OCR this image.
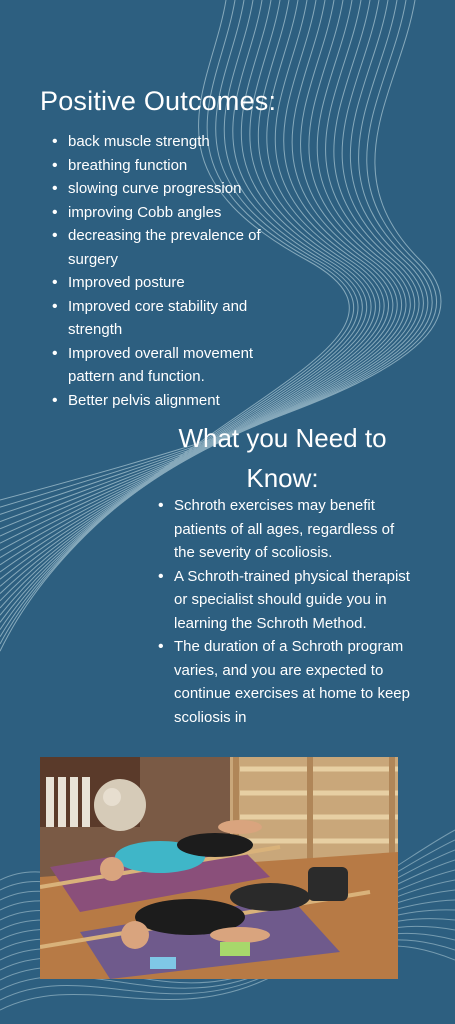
Positive Outcomes:
• back muscle strength
• breathing function
• slowing curve progression
• improving Cobb angles
• decreasing the prevalence of surgery
• Improved posture
• Improved core stability and strength
• Improved overall movement pattern and function.
• Better pelvis alignment
What you Need to Know:
• Schroth exercises may benefit patients of all ages, regardless of the severity of scoliosis.
• A Schroth-trained physical therapist or specialist should guide you in learning the Schroth Method.
• The duration of a Schroth program varies, and you are expected to continue exercises at home to keep scoliosis in
